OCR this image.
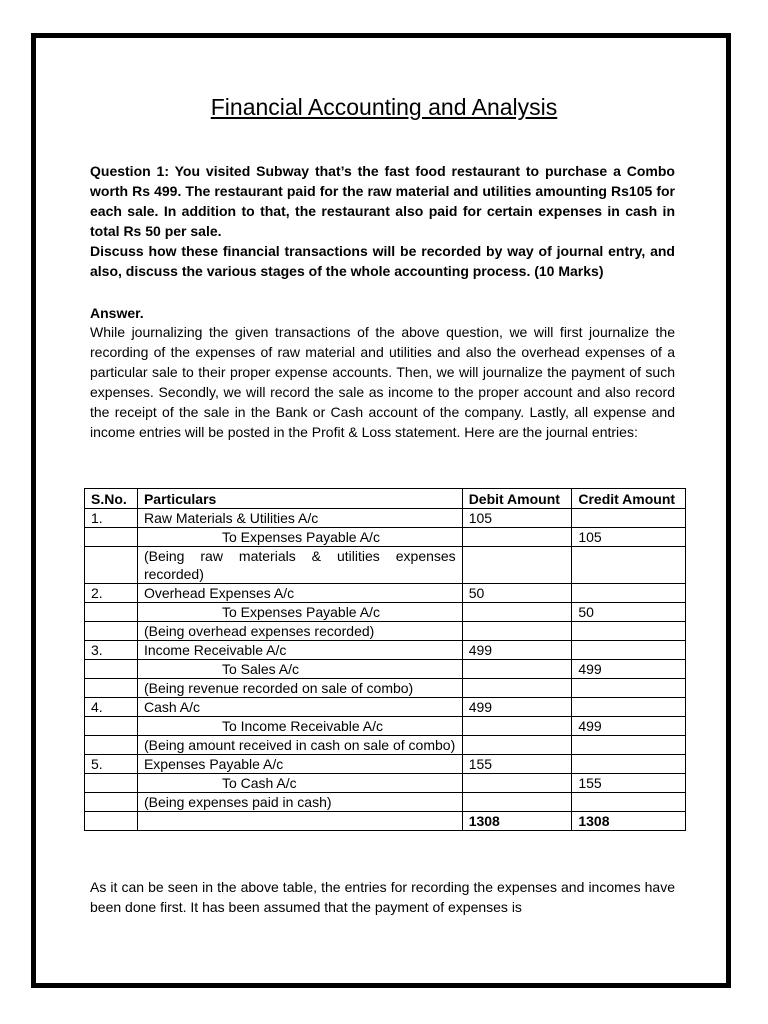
Financial Accounting and Analysis

Question 1: You visited Subway that’s the fast food restaurant to purchase a Combo worth Rs 499. The restaurant paid for the raw material and utilities amounting Rs105 for each sale. In addition to that, the restaurant also paid for certain expenses in cash in total Rs 50 per sale.

Discuss how these financial transactions will be recorded by way of journal entry, and also, discuss the various stages of the whole accounting process. (10 Marks)

Answer.

While journalizing the given transactions of the above question, we will first journalize the recording of the expenses of raw material and utilities and also the overhead expenses of a particular sale to their proper expense accounts. Then, we will journalize the payment of such expenses. Secondly, we will record the sale as income to the proper account and also record the receipt of the sale in the Bank or Cash account of the company. Lastly, all expense and income entries will be posted in the Profit & Loss statement. Here are the journal entries:

S.No.	Particulars	Debit Amount	Credit Amount
1.	Raw Materials & Utilities A/c	105	
	To Expenses Payable A/c		105
	(Being raw materials & utilities expenses recorded)		
2.	Overhead Expenses A/c	50	
	To Expenses Payable A/c		50
	(Being overhead expenses recorded)		
3.	Income Receivable A/c	499	
	To Sales A/c		499
	(Being revenue recorded on sale of combo)		
4.	Cash A/c	499	
	To Income Receivable A/c		499
	(Being amount received in cash on sale of combo)		
5.	Expenses Payable A/c	155	
	To Cash A/c		155
	(Being expenses paid in cash)		
		1308	1308

As it can be seen in the above table, the entries for recording the expenses and incomes have been done first. It has been assumed that the payment of expenses is
